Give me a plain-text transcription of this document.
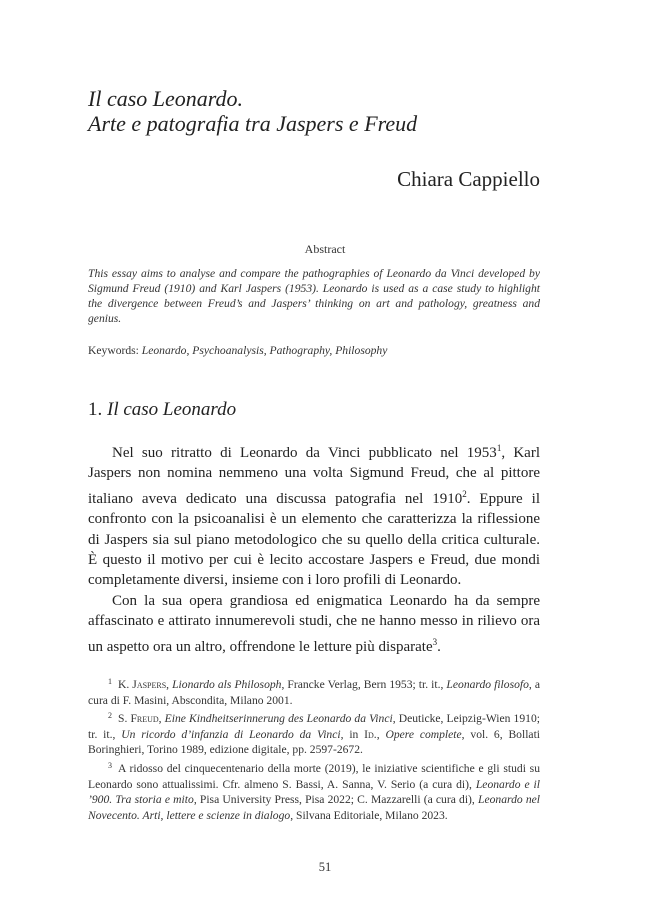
Il caso Leonardo.
Arte e patografia tra Jaspers e Freud
Chiara Cappiello
Abstract
This essay aims to analyse and compare the pathographies of Leonardo da Vinci developed by Sigmund Freud (1910) and Karl Jaspers (1953). Leonardo is used as a case study to highlight the divergence between Freud’s and Jaspers’ thinking on art and pathology, greatness and genius.
Keywords: Leonardo, Psychoanalysis, Pathography, Philosophy
1. Il caso Leonardo

Nel suo ritratto di Leonardo da Vinci pubblicato nel 1953$^1$, Karl Jaspers non nomina nemmeno una volta Sigmund Freud, che al pittore italiano aveva dedicato una discussa patografia nel 1910$^2$. Eppure il confronto con la psicoanalisi è un elemento che caratterizza la riflessione di Jaspers sia sul piano metodologico che su quello della critica culturale. È questo il motivo per cui è lecito accostare Jaspers e Freud, due mondi completamente diversi, insieme con i loro profili di Leonardo.

Con la sua opera grandiosa ed enigmatica Leonardo ha da sempre affascinato e attirato innumerevoli studi, che ne hanno messo in rilievo ora un aspetto ora un altro, offrendone le letture più disparate$^3$.

$^1$ K. Jaspers, Lionardo als Philosoph, Francke Verlag, Bern 1953; tr. it., Leonardo filosofo, a cura di F. Masini, Abscondita, Milano 2001.

$^2$ S. Freud, Eine Kindheitserinnerung des Leonardo da Vinci, Deuticke, Leipzig-Wien 1910; tr. it., Un ricordo d’infanzia di Leonardo da Vinci, in Id., Opere complete, vol. 6, Bollati Boringhieri, Torino 1989, edizione digitale, pp. 2597-2672.

$^3$ A ridosso del cinquecentenario della morte (2019), le iniziative scientifiche e gli studi su Leonardo sono attualissimi. Cfr. almeno S. Bassi, A. Sanna, V. Serio (a cura di), Leonardo e il ’900. Tra storia e mito, Pisa University Press, Pisa 2022; C. Mazzarelli (a cura di), Leonardo nel Novecento. Arti, lettere e scienze in dialogo, Silvana Editoriale, Milano 2023.

51
